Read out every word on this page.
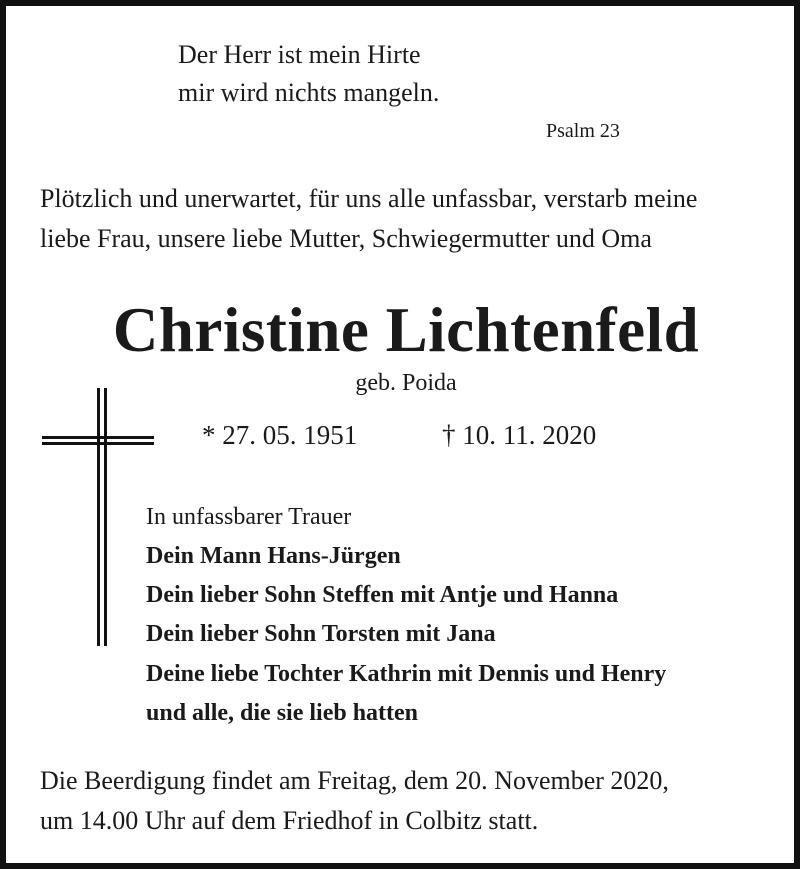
Der Herr ist mein Hirte
mir wird nichts mangeln.
Psalm 23
Plötzlich und unerwartet, für uns alle unfassbar, verstarb meine
liebe Frau, unsere liebe Mutter, Schwiegermutter und Oma
Christine Lichtenfeld
geb. Poida
* 27. 05. 1951	† 10. 11. 2020
In unfassbarer Trauer
Dein Mann Hans-Jürgen
Dein lieber Sohn Steffen mit Antje und Hanna
Dein lieber Sohn Torsten mit Jana
Deine liebe Tochter Kathrin mit Dennis und Henry
und alle, die sie lieb hatten
Die Beerdigung findet am Freitag, dem 20. November 2020,
um 14.00 Uhr auf dem Friedhof in Colbitz statt.
